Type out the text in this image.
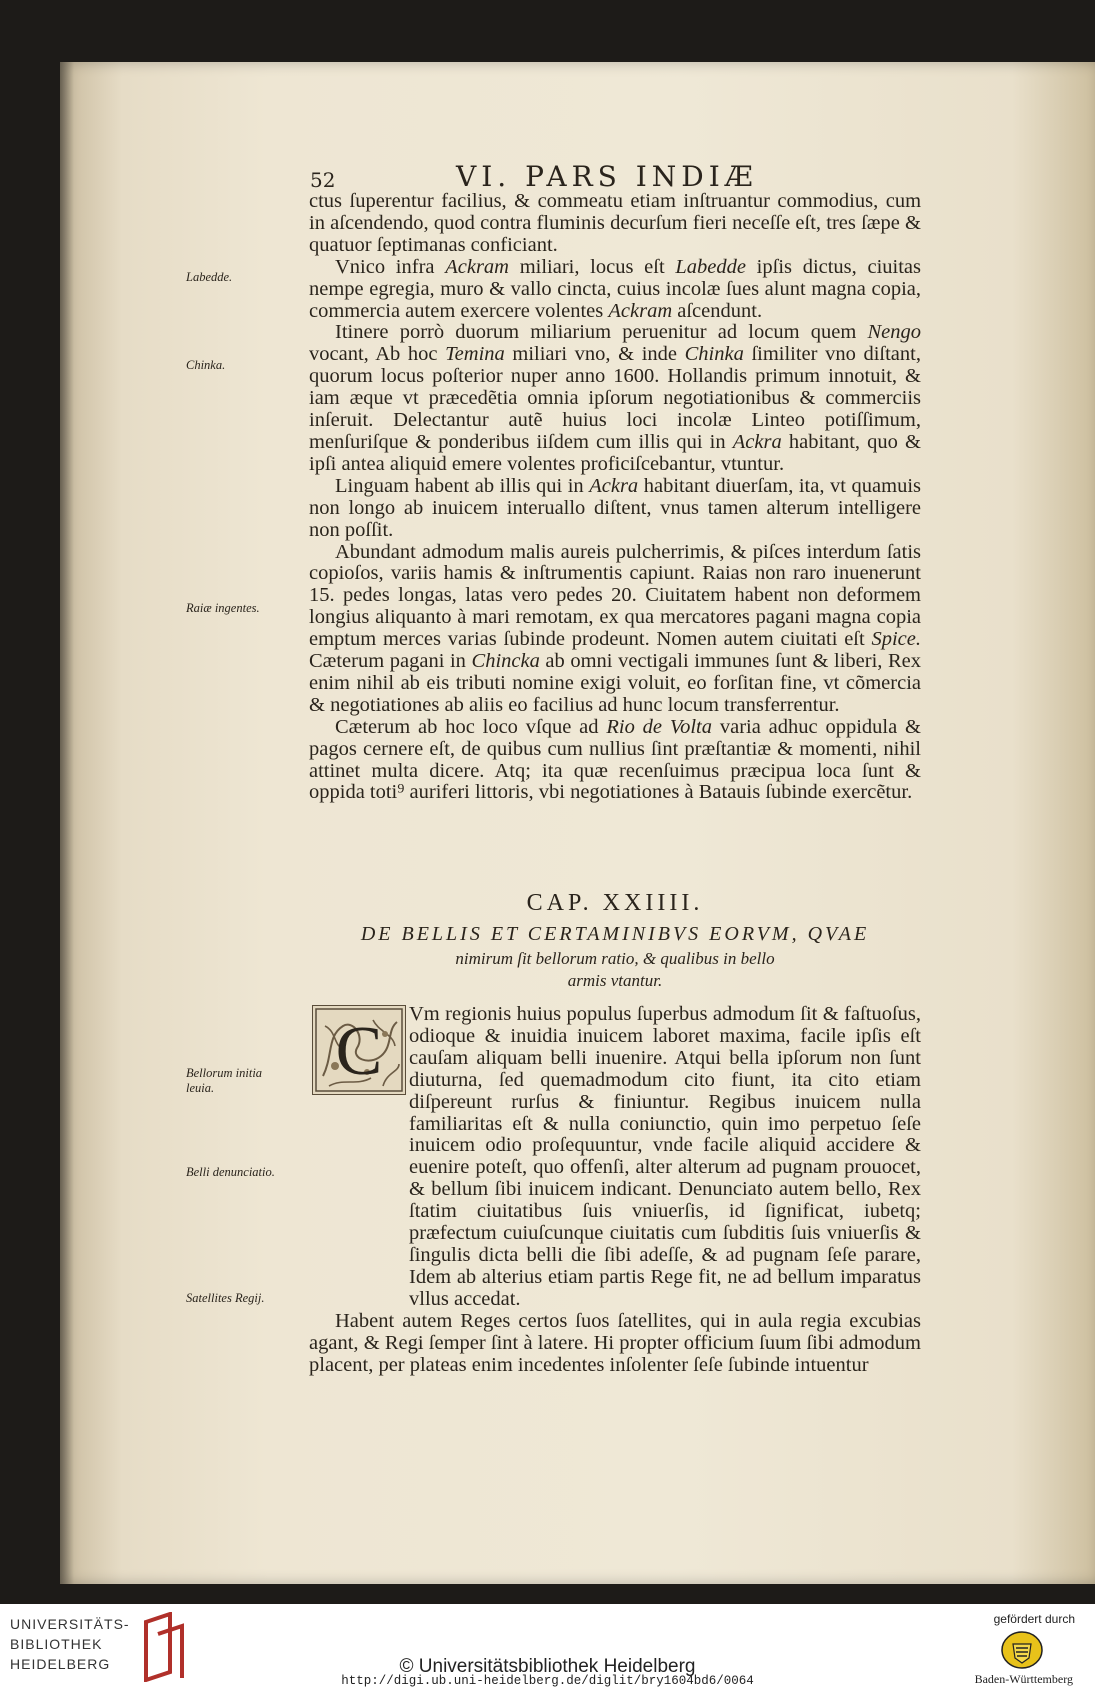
52	VI. PARS INDIÆ
Labedde.
Chinka.
Raiæ ingentes.

ctus ſuperentur facilius, & commeatu etiam inſtruantur commodius, cum in aſcendendo, quod contra fluminis decurſum fieri neceſſe eſt, tres ſæpe & quatuor ſeptimanas conficiant.

Vnico infra Ackram miliari, locus eſt Labedde ipſis dictus, ciuitas nempe egregia, muro & vallo cincta, cuius incolæ ſues alunt magna copia, commercia autem exercere volentes Ackram aſcendunt.

Itinere porrò duorum miliarium peruenitur ad locum quem Nengo vocant, Ab hoc Temina miliari vno, & inde Chinka ſimiliter vno diſtant, quorum locus poſterior nuper anno 1600. Hollandis primum innotuit, & iam æque vt præcedẽtia omnia ipſorum negotiationibus & commerciis inſeruit. Delectantur autẽ huius loci incolæ Linteo potiſſimum, menſuriſque & ponderibus iiſdem cum illis qui in Ackra habitant, quo & ipſi antea aliquid emere volentes proficiſcebantur, vtuntur.

Linguam habent ab illis qui in Ackra habitant diuerſam, ita, vt quamuis non longo ab inuicem interuallo diſtent, vnus tamen alterum intelligere non poſſit.

Abundant admodum malis aureis pulcherrimis, & piſces interdum ſatis copioſos, variis hamis & inſtrumentis capiunt. Raias non raro inuenerunt 15. pedes longas, latas vero pedes 20. Ciuitatem habent non deformem longius aliquanto à mari remotam, ex qua mercatores pagani magna copia emptum merces varias ſubinde prodeunt. Nomen autem ciuitati eſt Spice. Cæterum pagani in Chincka ab omni vectigali immunes ſunt & liberi, Rex enim nihil ab eis tributi nomine exigi voluit, eo forſitan fine, vt cõmercia & negotiationes ab aliis eo facilius ad hunc locum transferrentur.

Cæterum ab hoc loco vſque ad Rio de Volta varia adhuc oppidula & pagos cernere eſt, de quibus cum nullius ſint præſtantiæ & momenti, nihil attinet multa dicere. Atq; ita quæ recenſuimus præcipua loca ſunt & oppida toti⁹ auriferi littoris, vbi negotiationes à Batauis ſubinde exercẽtur.

CAP. XXIIII.
DE BELLIS ET CERTAMINIBVS EORVM, QVAE
nimirum ſit bellorum ratio, & qualibus in bello
armis vtantur.
C
Bellorum initia leuia.
Belli denunciatio.
Satellites Regij.

Vm regionis huius populus ſuperbus admodum ſit & faſtuoſus, odioque & inuidia inuicem laboret maxima, facile ipſis eſt cauſam aliquam belli inuenire. Atqui bella ipſorum non ſunt diuturna, ſed quemadmodum cito fiunt, ita cito etiam diſpereunt rurſus & finiuntur. Regibus inuicem nulla familiaritas eſt & nulla coniunctio, quin imo perpetuo ſeſe inuicem odio proſequuntur, vnde facile aliquid accidere & euenire poteſt, quo offenſi, alter alterum ad pugnam prouocet, & bellum ſibi inuicem indicant. Denunciato autem bello, Rex ſtatim ciuitatibus ſuis vniuerſis, id ſignificat, iubetq; præfectum cuiuſcunque ciuitatis cum ſubditis ſuis vniuerſis & ſingulis dicta belli die ſibi adeſſe, & ad pugnam ſeſe parare, Idem ab alterius etiam partis Rege fit, ne ad bellum imparatus vllus accedat.

Habent autem Reges certos ſuos ſatellites, qui in aula regia excubias agant, & Regi ſemper ſint à latere. Hi propter officium ſuum ſibi admodum placent, per plateas enim incedentes inſolenter ſeſe ſubinde intuentur

UNIVERSITÄTS-
BIBLIOTHEK
HEIDELBERG	© Universitätsbibliothek Heidelberg
http://digi.ub.uni-heidelberg.de/diglit/bry1604bd6/0064
gefördert durch
Baden-Württemberg
